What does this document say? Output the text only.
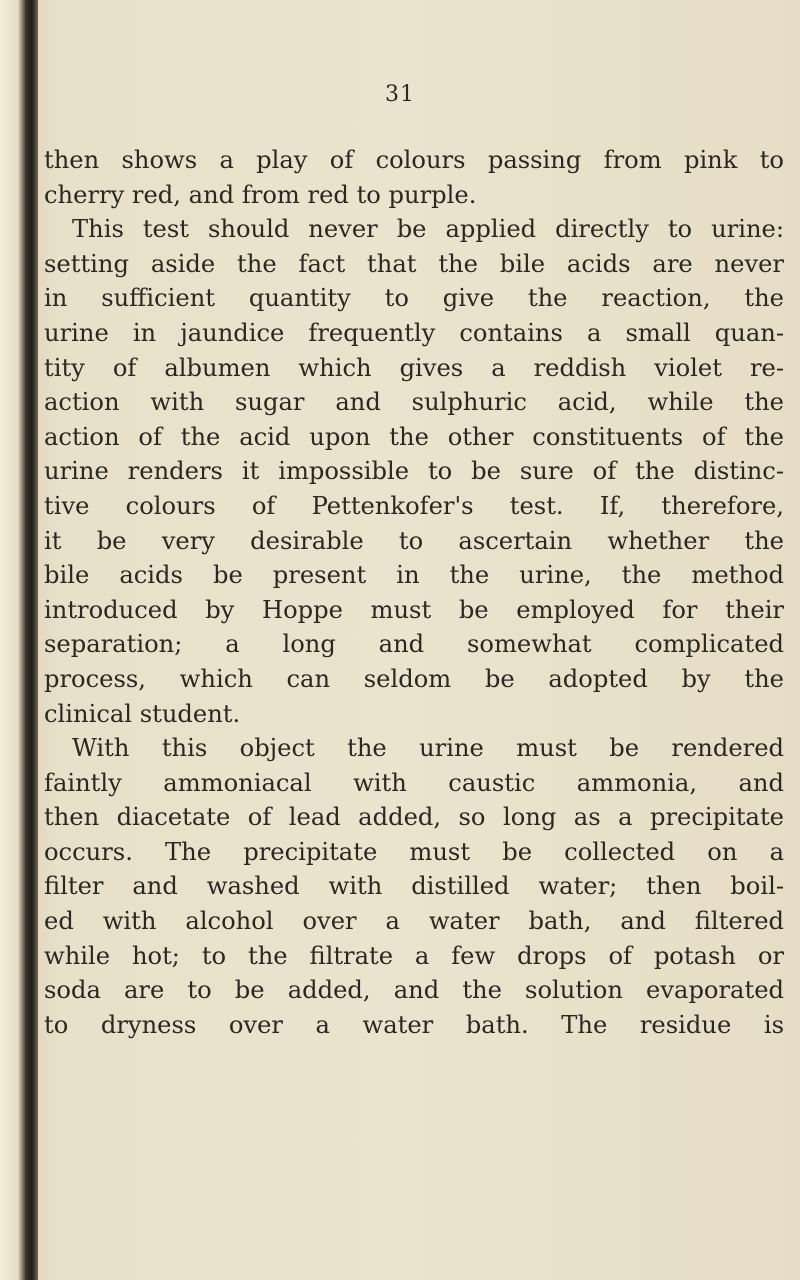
31
then shows a play of colours passing from pink to
cherry red, and from red to purple.
This test should never be applied directly to urine:
setting aside the fact that the bile acids are never
in sufficient quantity to give the reaction, the
urine in jaundice frequently contains a small quan-
tity of albumen which gives a reddish violet re-
action with sugar and sulphuric acid, while the
action of the acid upon the other constituents of the
urine renders it impossible to be sure of the distinc-
tive colours of Pettenkofer's test. If, therefore,
it be very desirable to ascertain whether the
bile acids be present in the urine, the method
introduced by Hoppe must be employed for their
separation; a long and somewhat complicated
process, which can seldom be adopted by the
clinical student.
With this object the urine must be rendered
faintly ammoniacal with caustic ammonia, and
then diacetate of lead added, so long as a precipitate
occurs. The precipitate must be collected on a
filter and washed with distilled water; then boil-
ed with alcohol over a water bath, and filtered
while hot; to the filtrate a few drops of potash or
soda are to be added, and the solution evaporated
to dryness over a water bath. The residue is
